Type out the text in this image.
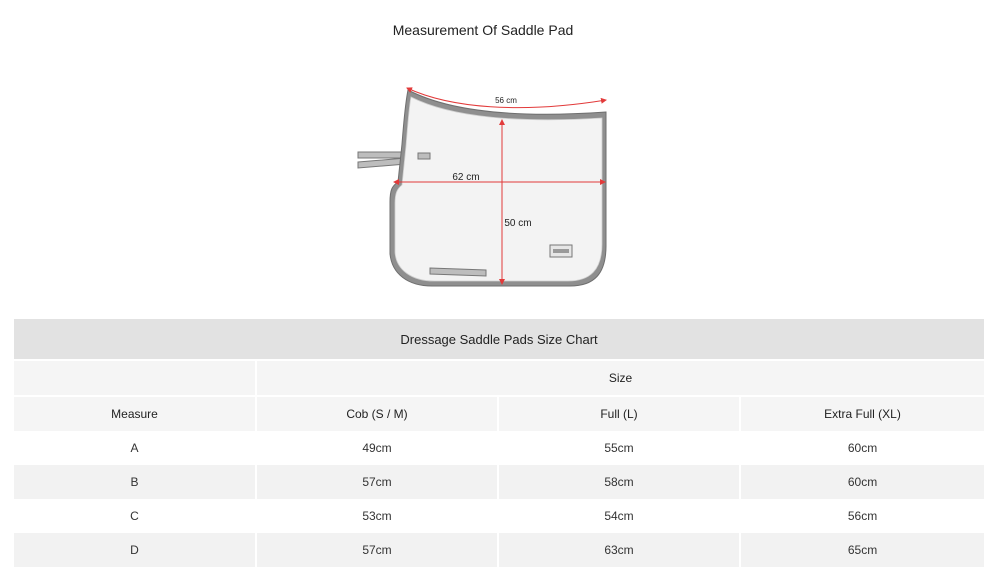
Measurement Of Saddle Pad
56 cm
62 cm
50 cm
Dressage Saddle Pads Size Chart			
	Size		
Measure	Cob (S / M)	Full (L)	Extra Full (XL)
A	49cm	55cm	60cm
B	57cm	58cm	60cm
C	53cm	54cm	56cm
D	57cm	63cm	65cm
